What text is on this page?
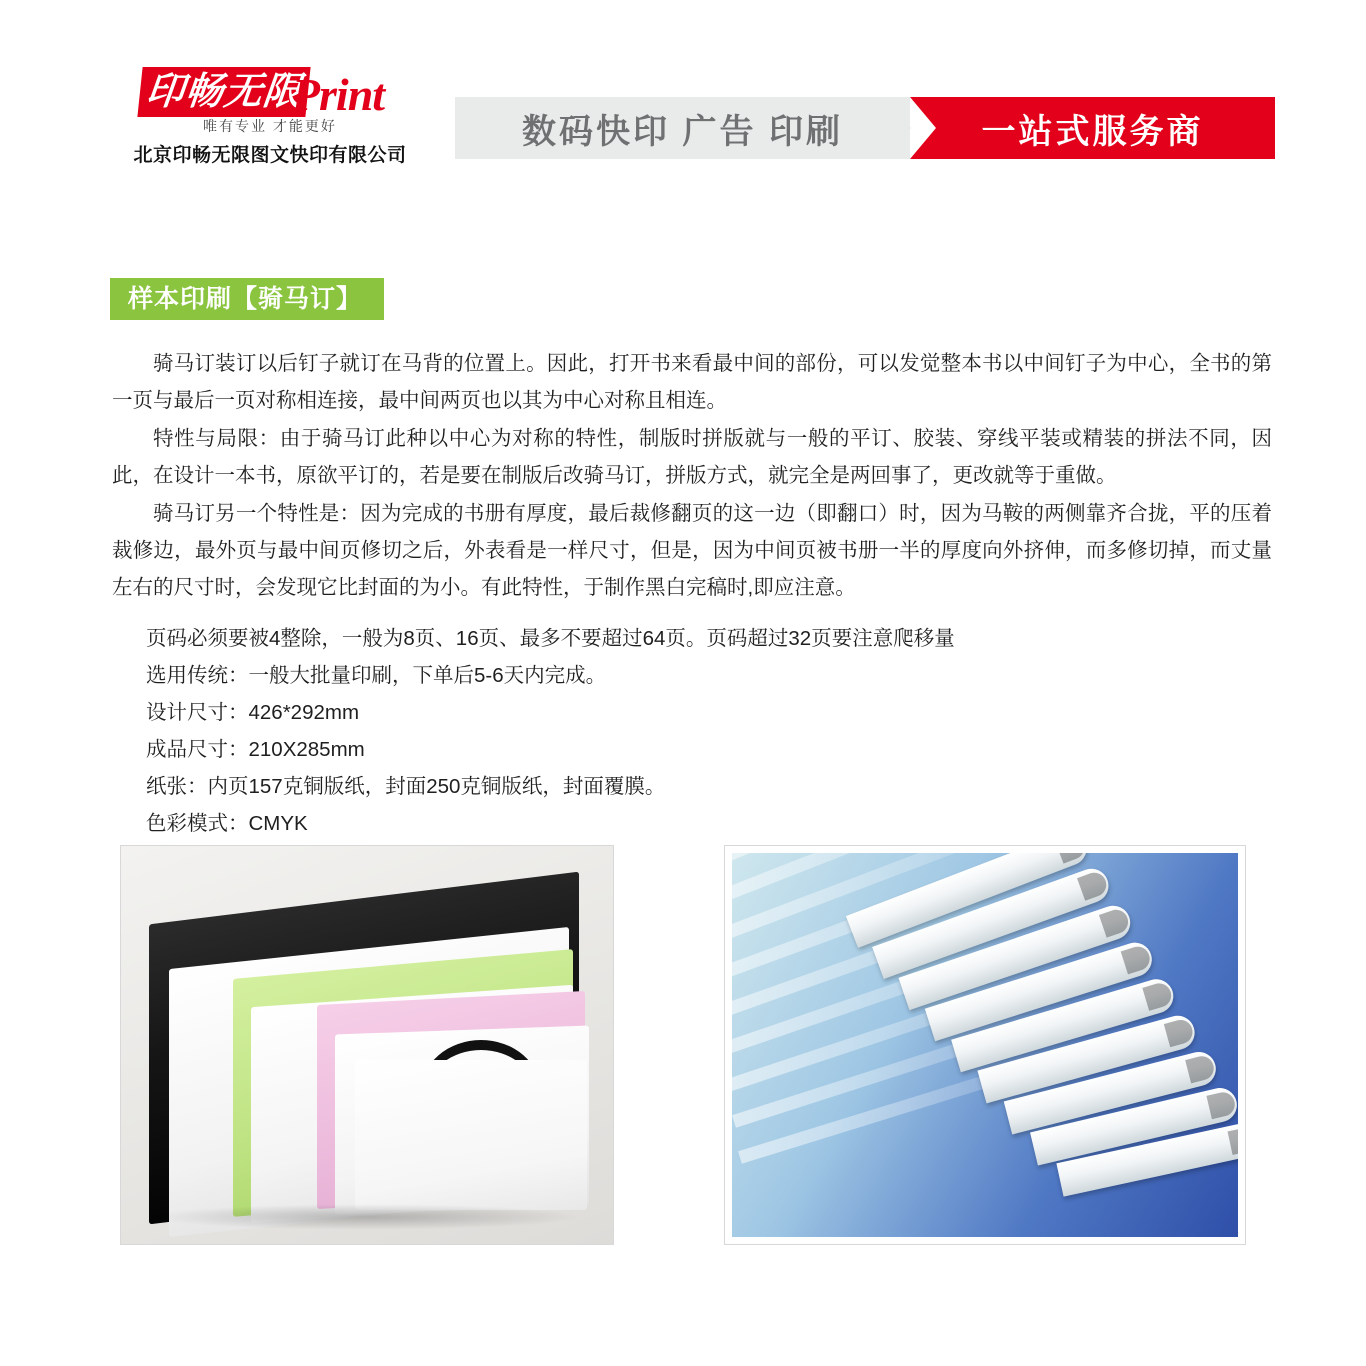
印畅无限Print
唯有专业 才能更好
北京印畅无限图文快印有限公司
数码快印 广告 印刷	一站式服务商
样本印刷【骑马订】

骑马订装订以后钉子就订在马背的位置上。因此，打开书来看最中间的部份，可以发觉整本书以中间钉子为中心，全书的第一页与最后一页对称相连接，最中间两页也以其为中心对称且相连。

特性与局限：由于骑马订此种以中心为对称的特性，制版时拼版就与一般的平订、胶装、穿线平装或精装的拼法不同，因此，在设计一本书，原欲平订的，若是要在制版后改骑马订，拼版方式，就完全是两回事了，更改就等于重做。

骑马订另一个特性是：因为完成的书册有厚度，最后裁修翻页的这一边（即翻口）时，因为马鞍的两侧靠齐合拢，平的压着裁修边，最外页与最中间页修切之后，外表看是一样尺寸，但是，因为中间页被书册一半的厚度向外挤伸，而多修切掉，而丈量左右的尺寸时，会发现它比封面的为小。有此特性，于制作黑白完稿时,即应注意。

页码必须要被4整除，一般为8页、16页、最多不要超过64页。页码超过32页要注意爬移量
选用传统：一般大批量印刷，下单后5-6天内完成。
设计尺寸：426*292mm
成品尺寸：210X285mm
纸张：内页157克铜版纸，封面250克铜版纸，封面覆膜。
色彩模式：CMYK
